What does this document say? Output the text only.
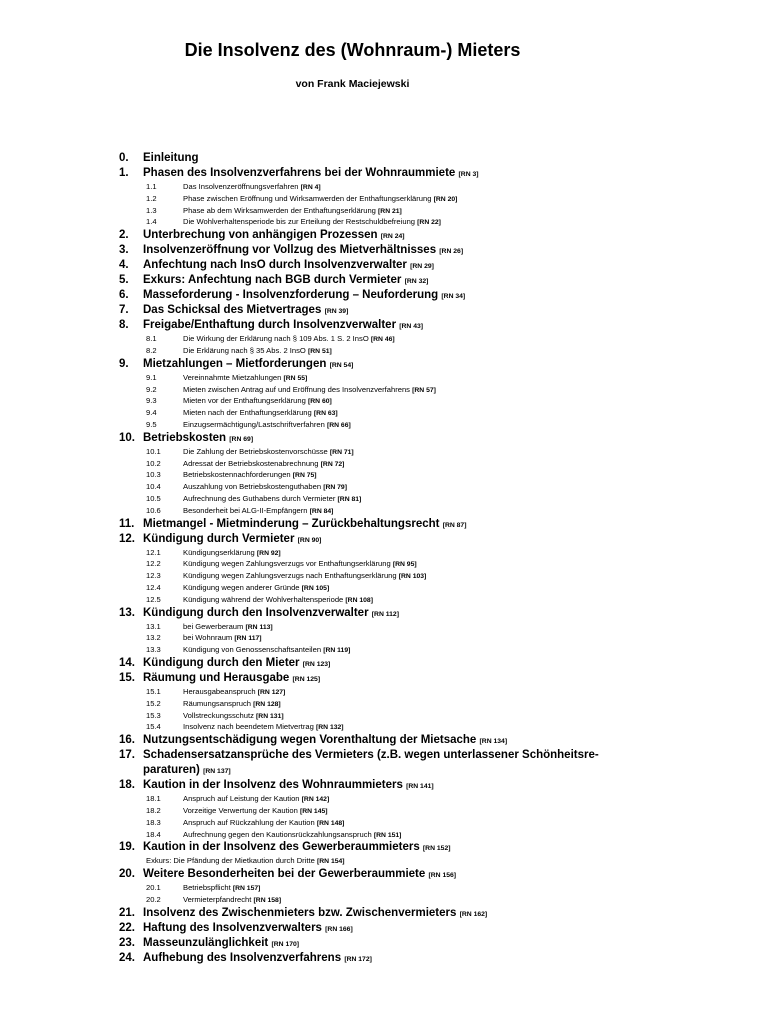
Die Insolvenz des (Wohnraum-) Mieters
von Frank Maciejewski
0. Einleitung
1. Phasen des Insolvenzverfahrens bei der Wohnraummiete [RN 3]
1.1	Das Insolvenzeröffnungsverfahren [RN 4]
1.2	Phase zwischen Eröffnung und Wirksamwerden der Enthaftungserklärung [RN 20]
1.3	Phase ab dem Wirksamwerden der Enthaftungserklärung [RN 21]
1.4	Die Wohlverhaltensperiode bis zur Erteilung der Restschuldbefreiung [RN 22]
2. Unterbrechung von anhängigen Prozessen [RN 24]
3. Insolvenzeröffnung vor Vollzug des Mietverhältnisses [RN 26]
4. Anfechtung nach InsO durch Insolvenzverwalter [RN 29]
5. Exkurs: Anfechtung nach BGB durch Vermieter [RN 32]
6. Masseforderung - Insolvenzforderung – Neuforderung [RN 34]
7. Das Schicksal des Mietvertrages [RN 39]
8. Freigabe/Enthaftung durch Insolvenzverwalter [RN 43]
8.1	Die Wirkung der Erklärung nach § 109 Abs. 1 S. 2 InsO [RN 46]
8.2	Die Erklärung nach § 35 Abs. 2 InsO [RN 51]
9. Mietzahlungen – Mietforderungen [RN 54]
9.1	Vereinnahmte Mietzahlungen [RN 55]
9.2	Mieten zwischen Antrag auf und Eröffnung des Insolvenzverfahrens [RN 57]
9.3	Mieten vor der Enthaftungserklärung [RN 60]
9.4	Mieten nach der Enthaftungserklärung [RN 63]
9.5	Einzugsermächtigung/Lastschriftverfahren [RN 66]
10. Betriebskosten [RN 69]
10.1	Die Zahlung der Betriebskostenvorschüsse [RN 71]
10.2	Adressat der Betriebskostenabrechnung [RN 72]
10.3	Betriebskostennachforderungen [RN 75]
10.4	Auszahlung von Betriebskostenguthaben [RN 79]
10.5	Aufrechnung des Guthabens durch Vermieter [RN 81]
10.6	Besonderheit bei ALG-II-Empfängern [RN 84]
11. Mietmangel - Mietminderung – Zurückbehaltungsrecht [RN 87]
12. Kündigung durch Vermieter [RN 90]
12.1	Kündigungserklärung [RN 92]
12.2	Kündigung wegen Zahlungsverzugs vor Enthaftungserklärung [RN 95]
12.3	Kündigung wegen Zahlungsverzugs nach Enthaftungserklärung [RN 103]
12.4	Kündigung wegen anderer Gründe [RN 105]
12.5	Kündigung während der Wohlverhaltensperiode [RN 108]
13. Kündigung durch den Insolvenzverwalter [RN 112]
13.1	bei Gewerberaum [RN 113]
13.2	bei Wohnraum [RN 117]
13.3	Kündigung von Genossenschaftsanteilen [RN 119]
14. Kündigung durch den Mieter [RN 123]
15. Räumung und Herausgabe [RN 125]
15.1	Herausgabeanspruch [RN 127]
15.2	Räumungsanspruch [RN 128]
15.3	Vollstreckungsschutz [RN 131]
15.4	Insolvenz nach beendetem Mietvertrag [RN 132]
16. Nutzungsentschädigung wegen Vorenthaltung der Mietsache [RN 134]
17. Schadensersatzansprüche des Vermieters (z.B. wegen unterlassener Schönheitsre-
paraturen) [RN 137]
18. Kaution in der Insolvenz des Wohnraummieters [RN 141]
18.1	Anspruch auf Leistung der Kaution [RN 142]
18.2	Vorzeitige Verwertung der Kaution [RN 145]
18.3	Anspruch auf Rückzahlung der Kaution [RN 148]
18.4	Aufrechnung gegen den Kautionsrückzahlungsanspruch [RN 151]
19. Kaution in der Insolvenz des Gewerberaummieters [RN 152]
Exkurs: Die Pfändung der Mietkaution durch Dritte [RN 154]
20. Weitere Besonderheiten bei der Gewerberaummiete [RN 156]
20.1	Betriebspflicht [RN 157]
20.2	Vermieterpfandrecht [RN 158]
21. Insolvenz des Zwischenmieters bzw. Zwischenvermieters [RN 162]
22. Haftung des Insolvenzverwalters [RN 166]
23. Masseunzulänglichkeit [RN 170]
24. Aufhebung des Insolvenzverfahrens [RN 172]
